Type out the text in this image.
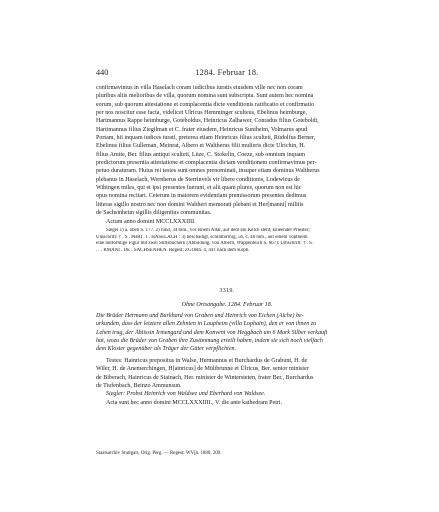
440	1284. Februar 18.
confirmavimus in villa Haselach coram iudicibus iuratis eiusdem ville nec non coram
pluribus aliis melioribus de villa, quorum nomina sunt subscripta. Sunt autem hec nomina
eorum, sub quorum attestatione et complacentia dicte venditionis ratificatio et confirmatio
per nos noscitur esse facta, videlicet Ulricus Hemminger sculteus, Ebelinus heimburge,
Hartmannus Rappe heimburge, Goteboldus, Heinricus Zalhawer, Conradus filius Goteboldi,
Hartimannus filius Ziegilman et C. frater eiusdem, Heinricus Suntheim, Volmarus apud
Portam, hii inquam iudices iurati, preterea etiam Heinricus filius sculteti, Rūdolfus Berner,
Ebelinus filius Gulleman, Meinrat, Albero et Waltherus filii mulieris dicte Ulrichin, H.
filius Amite, Ber. filius antiqui sculteti, Lūze, C. Stokelin, Coeze, sub omnium inquam
predictorum presentia attestatione et complacentia dictam venditionem confirmavimus per-
petuo duraturam. Huius rei testes sunt omnes prenominati, insuper etiam dominus Waltherus
plebanus in Haselach, Wernherus de Sterrinvels vir libere conditionis, Lodewicus de
Wihingen miles, qui et ipsi presentes fuerunt, et alii quam plures, quorum non est hic
opus nomina recitari. Ceterum in maiorem evidentiam premissorum presentes dedimus
litteras sigillo nostro nec non domini Waltheri memorati plebani et Her[manni] militis
de Sachsinheim sigillis diligentius communitas.
Actum anno domini MCCLXXXIIII.
Siegel 1) a. oben S. 177. 2) rund, 34 mm., vor einem Altar, auf dem ein Kelch steht, knieender Priester;
Umschrift: † . S . PBRI . I . HASELACH : 3) beschädigt, schildförmig, 56, c. 48 mm., auf einem Topfhelm
eine hutförmige Figur mit zwei Stiftsbüchern (Abbildung: von Alberti, Wappenbuch S. 667); Umschrift: † . S .
. . . RMANI . DE . SACHSENHEN. Regest: ZGORh. 4, 441 nach dem Kopb.
3319.
Ohne Ortsangabe. 1284. Februar 18.
Die Brüder Hermann und Burkhard von Graben und Heinrich von Eichen (Aiche) be-
urkunden, dass der letztere allen Zehnten in Laupheim (villa Lophain), den er von ihnen zu
Lehen trug, der Äbtissin Irmengard und dem Konvent von Heggbach um 6 Mark Silber verkauft
hat, wozu die Brüder von Graben ihre Zustimmung erteilt haben, indem sie sich noch vielfach
dem Kloster gegenüber als Träger der Güter verpflichten.
Testes: Hainricus prepositus in Walse, Hermannus et Burchardus de Grabunt, H. de
Wiler, H. de Anemerchingen, H[ainricus] de Mülibrunne et Ūlricus, Ber. senior minister
de Biberach, Hainricus de Stainach, Her. minister de Wintersteten, frater Ber., Burchardus
de Tiufenbach, Beinzo Ammunsun.
Siegler: Probst Heinrich von Waldsee und Eberhard von Waldsee.
Acta sunt hec anno domini MCCLXXXIIII., V. die ante kathedram Petri.
Staatsarchiv Stuttgart, Orig. Perg. — Regest: WVjh. 1880, 209.
